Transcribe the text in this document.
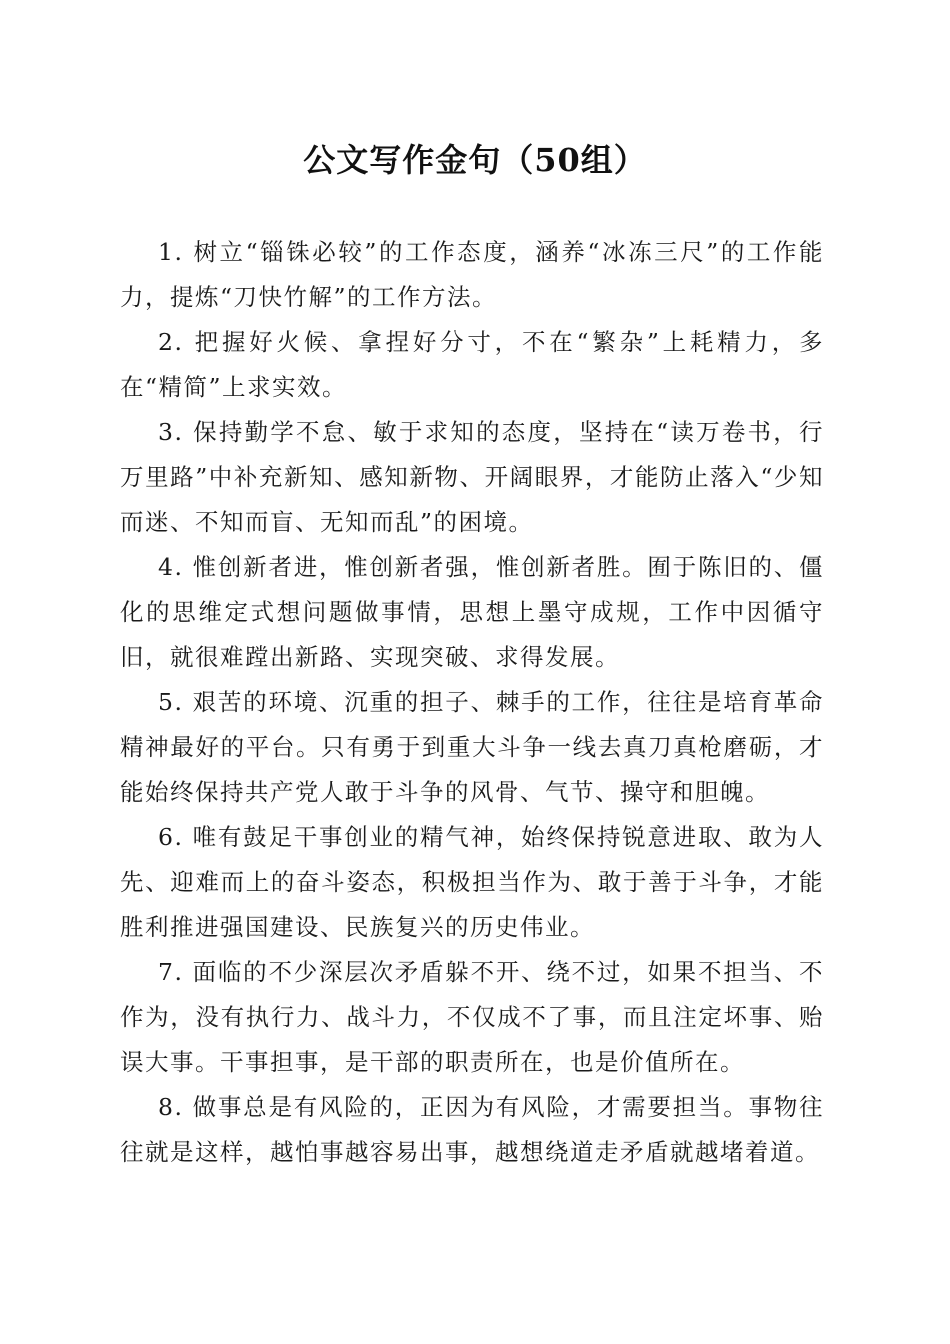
公文写作金句（50组）

1. 树立“锱铢必较”的工作态度，涵养“冰冻三尺”的工作能力，提炼“刀快竹解”的工作方法。

2. 把握好火候、拿捏好分寸，不在“繁杂”上耗精力，多在“精简”上求实效。

3. 保持勤学不怠、敏于求知的态度，坚持在“读万卷书，行万里路”中补充新知、感知新物、开阔眼界，才能防止落入“少知而迷、不知而盲、无知而乱”的困境。

4. 惟创新者进，惟创新者强，惟创新者胜。囿于陈旧的、僵化的思维定式想问题做事情，思想上墨守成规，工作中因循守旧，就很难蹚出新路、实现突破、求得发展。

5. 艰苦的环境、沉重的担子、棘手的工作，往往是培育革命精神最好的平台。只有勇于到重大斗争一线去真刀真枪磨砺，才能始终保持共产党人敢于斗争的风骨、气节、操守和胆魄。

6. 唯有鼓足干事创业的精气神，始终保持锐意进取、敢为人先、迎难而上的奋斗姿态，积极担当作为、敢于善于斗争，才能胜利推进强国建设、民族复兴的历史伟业。

7. 面临的不少深层次矛盾躲不开、绕不过，如果不担当、不作为，没有执行力、战斗力，不仅成不了事，而且注定坏事、贻误大事。干事担事，是干部的职责所在，也是价值所在。

8. 做事总是有风险的，正因为有风险，才需要担当。事物往往就是这样，越怕事越容易出事，越想绕道走矛盾就越堵着道。
